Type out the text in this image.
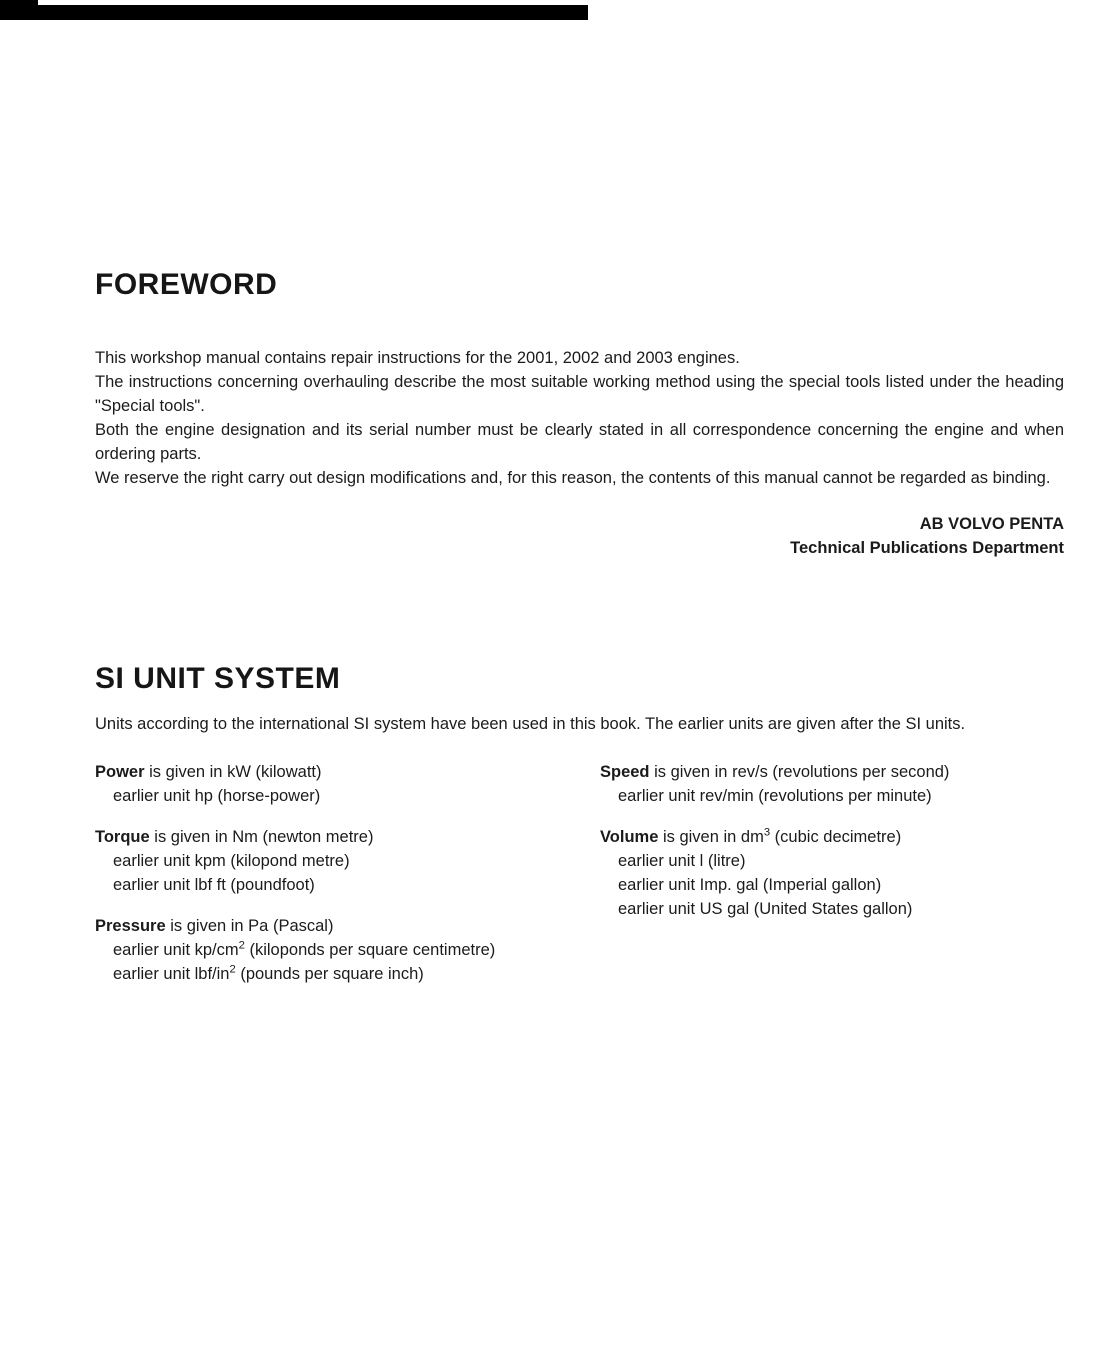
FOREWORD

This workshop manual contains repair instructions for the 2001, 2002 and 2003 engines.

The instructions concerning overhauling describe the most suitable working method using the special tools listed under the heading "Special tools".

Both the engine designation and its serial number must be clearly stated in all correspondence concerning the engine and when ordering parts.

We reserve the right carry out design modifications and, for this reason, the contents of this manual cannot be regarded as binding.

AB VOLVO PENTA
Technical Publications Department
SI UNIT SYSTEM

Units according to the international SI system have been used in this book. The earlier units are given after the SI units.

Power is given in kW (kilowatt)
earlier unit hp (horse-power)
Torque is given in Nm (newton metre)
earlier unit kpm (kilopond metre)
earlier unit lbf ft (poundfoot)
Pressure is given in Pa (Pascal)
earlier unit $kp/cm^2$ (kiloponds per square centimetre)
earlier unit lbf/$in^2$ (pounds per square inch)
Speed is given in rev/s (revolutions per second)
earlier unit rev/min (revolutions per minute)
Volume is given in $dm^3$ (cubic decimetre)
earlier unit l (litre)
earlier unit Imp. gal (Imperial gallon)
earlier unit US gal (United States gallon)
